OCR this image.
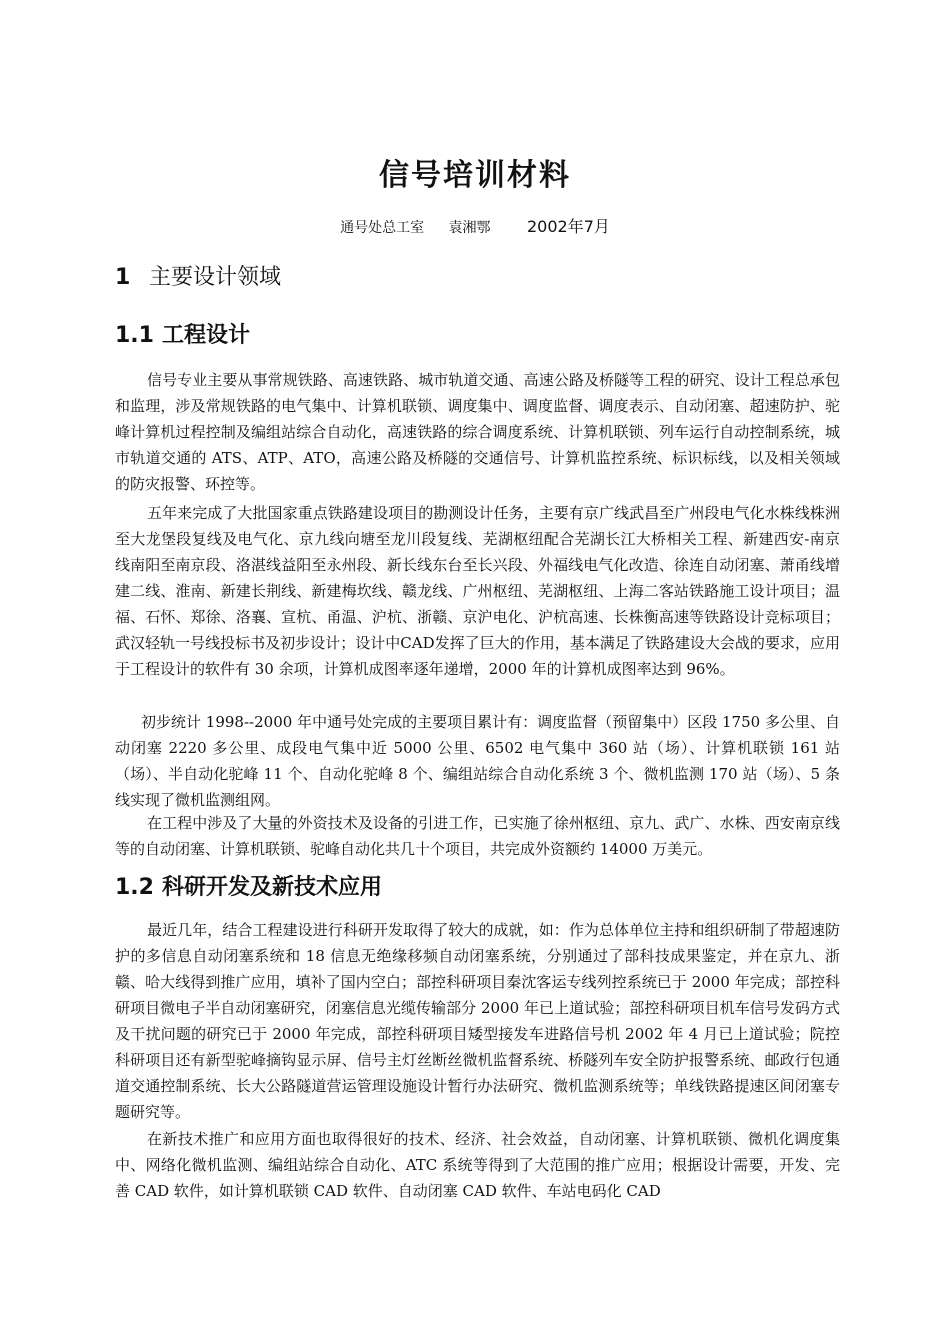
信号培训材料
通号处总工室 袁湘鄂 2002年7月
1 主要设计领域
1.1 工程设计

信号专业主要从事常规铁路、高速铁路、城市轨道交通、高速公路及桥隧等工程的研究、设计工程总承包和监理，涉及常规铁路的电气集中、计算机联锁、调度集中、调度监督、调度表示、自动闭塞、超速防护、驼峰计算机过程控制及编组站综合自动化，高速铁路的综合调度系统、计算机联锁、列车运行自动控制系统，城市轨道交通的 ATS、ATP、ATO，高速公路及桥隧的交通信号、计算机监控系统、标识标线，以及相关领域的防灾报警、环控等。

五年来完成了大批国家重点铁路建设项目的勘测设计任务，主要有京广线武昌至广州段电气化水株线株洲至大龙堡段复线及电气化、京九线向塘至龙川段复线、芜湖枢纽配合芜湖长江大桥相关工程、新建西安-南京线南阳至南京段、洛湛线益阳至永州段、新长线东台至长兴段、外福线电气化改造、徐连自动闭塞、萧甬线增建二线、淮南、新建长荆线、新建梅坎线、赣龙线、广州枢纽、芜湖枢纽、上海二客站铁路施工设计项目；温福、石怀、郑徐、洛襄、宣杭、甬温、沪杭、浙赣、京沪电化、沪杭高速、长株衡高速等铁路设计竞标项目；武汉轻轨一号线投标书及初步设计；设计中CAD发挥了巨大的作用，基本满足了铁路建设大会战的要求，应用于工程设计的软件有 30 余项，计算机成图率逐年递增，2000 年的计算机成图率达到 96%。

初步统计 1998--2000 年中通号处完成的主要项目累计有：调度监督（预留集中）区段 1750 多公里、自动闭塞 2220 多公里、成段电气集中近 5000 公里、6502 电气集中 360 站（场）、计算机联锁 161 站（场）、半自动化驼峰 11 个、自动化驼峰 8 个、编组站综合自动化系统 3 个、微机监测 170 站（场）、5 条线实现了微机监测组网。

在工程中涉及了大量的外资技术及设备的引进工作，已实施了徐州枢纽、京九、武广、水株、西安南京线等的自动闭塞、计算机联锁、驼峰自动化共几十个项目，共完成外资额约 14000 万美元。

1.2 科研开发及新技术应用

最近几年，结合工程建设进行科研开发取得了较大的成就，如：作为总体单位主持和组织研制了带超速防护的多信息自动闭塞系统和 18 信息无绝缘移频自动闭塞系统，分别通过了部科技成果鉴定，并在京九、浙赣、哈大线得到推广应用，填补了国内空白；部控科研项目秦沈客运专线列控系统已于 2000 年完成；部控科研项目微电子半自动闭塞研究，闭塞信息光缆传输部分 2000 年已上道试验；部控科研项目机车信号发码方式及干扰问题的研究已于 2000 年完成，部控科研项目矮型接发车进路信号机 2002 年 4 月已上道试验；院控科研项目还有新型驼峰摘钩显示屏、信号主灯丝断丝微机监督系统、桥隧列车安全防护报警系统、邮政行包通道交通控制系统、长大公路隧道营运管理设施设计暂行办法研究、微机监测系统等；单线铁路提速区间闭塞专题研究等。

在新技术推广和应用方面也取得很好的技术、经济、社会效益，自动闭塞、计算机联锁、微机化调度集中、网络化微机监测、编组站综合自动化、ATC 系统等得到了大范围的推广应用；根据设计需要，开发、完善 CAD 软件，如计算机联锁 CAD 软件、自动闭塞 CAD 软件、车站电码化 CAD
